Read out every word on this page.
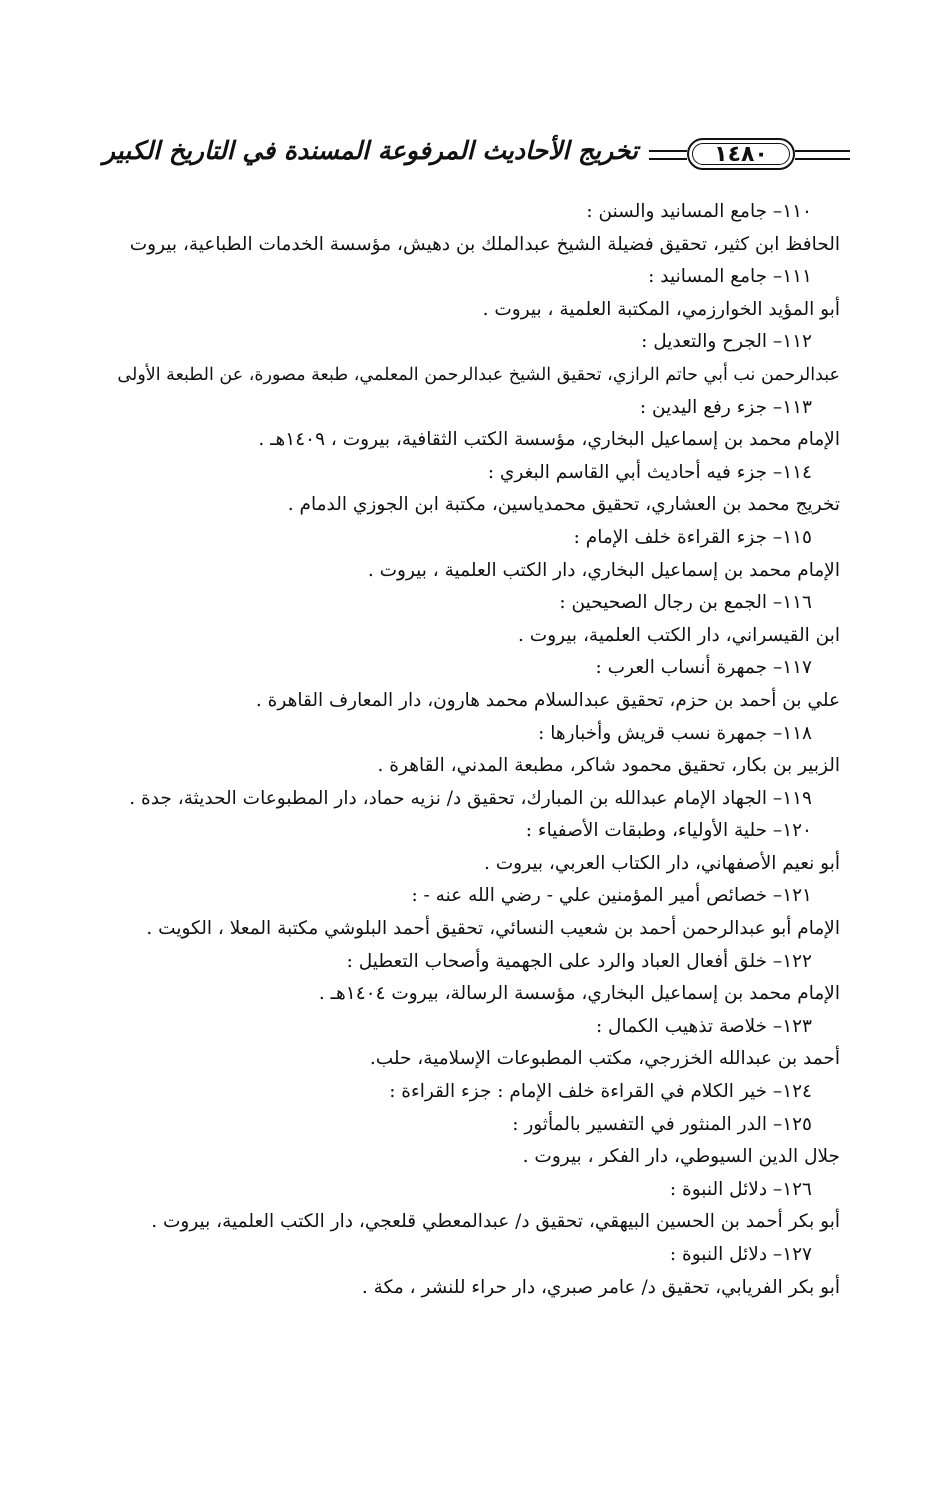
١٤٨٠
تخريج الأحاديث المرفوعة المسندة في التاريخ الكبير

١١٠– جامع المسانيد والسنن :

الحافظ ابن كثير، تحقيق فضيلة الشيخ عبدالملك بن دهيش، مؤسسة الخدمات الطباعية، بيروت

١١١– جامع المسانيد :

أبو المؤيد الخوارزمي، المكتبة العلمية ، بيروت .

١١٢– الجرح والتعديل :

عبدالرحمن نب أبي حاتم الرازي، تحقيق الشيخ عبدالرحمن المعلمي، طبعة مصورة، عن الطبعة الأولى

١١٣– جزء رفع اليدين :

الإمام محمد بن إسماعيل البخاري، مؤسسة الكتب الثقافية، بيروت ، ١٤٠٩هـ .

١١٤– جزء فيه أحاديث أبي القاسم البغري :

تخريج محمد بن العشاري، تحقيق محمدياسين، مكتبة ابن الجوزي الدمام .

١١٥– جزء القراءة خلف الإمام :

الإمام محمد بن إسماعيل البخاري، دار الكتب العلمية ، بيروت .

١١٦– الجمع بن رجال الصحيحين :

ابن القيسراني، دار الكتب العلمية، بيروت .

١١٧– جمهرة أنساب العرب :

علي بن أحمد بن حزم، تحقيق عبدالسلام محمد هارون، دار المعارف القاهرة .

١١٨– جمهرة نسب قريش وأخبارها :

الزبير بن بكار، تحقيق محمود شاكر، مطبعة المدني، القاهرة .

١١٩– الجهاد الإمام عبدالله بن المبارك، تحقيق د/ نزيه حماد، دار المطبوعات الحديثة، جدة .

١٢٠– حلية الأولياء، وطبقات الأصفياء :

أبو نعيم الأصفهاني، دار الكتاب العربي، بيروت .

١٢١– خصائص أمير المؤمنين علي - رضي الله عنه - :

الإمام أبو عبدالرحمن أحمد بن شعيب النسائي، تحقيق أحمد البلوشي مكتبة المعلا ، الكويت .

١٢٢– خلق أفعال العباد والرد على الجهمية وأصحاب التعطيل :

الإمام محمد بن إسماعيل البخاري، مؤسسة الرسالة، بيروت ١٤٠٤هـ .

١٢٣– خلاصة تذهيب الكمال :

أحمد بن عبدالله الخزرجي، مكتب المطبوعات الإسلامية، حلب.

١٢٤– خير الكلام في القراءة خلف الإمام : جزء القراءة :

١٢٥– الدر المنثور في التفسير بالمأثور :

جلال الدين السيوطي، دار الفكر ، بيروت .

١٢٦– دلائل النبوة :

أبو بكر أحمد بن الحسين البيهقي، تحقيق د/ عبدالمعطي قلعجي، دار الكتب العلمية، بيروت .

١٢٧– دلائل النبوة :

أبو بكر الفريابي، تحقيق د/ عامر صبري، دار حراء للنشر ، مكة .
